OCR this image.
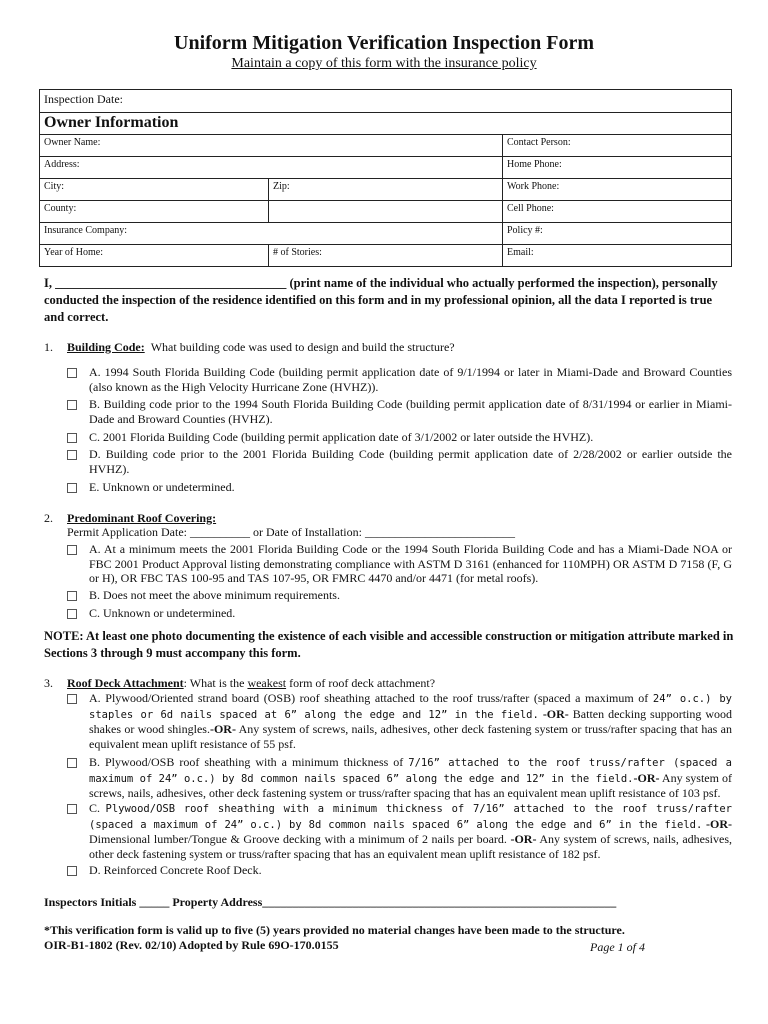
Uniform Mitigation Verification Inspection Form
Maintain a copy of this form with the insurance policy
Inspection Date:		
Owner Information		
Owner Name:		Contact Person:
Address:		Home Phone:
City:	Zip:	Work Phone:
County:		Cell Phone:
Insurance Company:		Policy #:
Year of Home:	# of Stories:	Email:
I, _____________________________________ (print name of the individual who actually performed the inspection), personally conducted the inspection of the residence identified on this form and in my professional opinion, all the data I reported is true and correct.
1. Building Code: What building code was used to design and build the structure?
A. 1994 South Florida Building Code (building permit application date of 9/1/1994 or later in Miami-Dade and Broward Counties (also known as the High Velocity Hurricane Zone (HVHZ)).
B. Building code prior to the 1994 South Florida Building Code (building permit application date of 8/31/1994 or earlier in Miami-Dade and Broward Counties (HVHZ).
C. 2001 Florida Building Code (building permit application date of 3/1/2002 or later outside the HVHZ).
D. Building code prior to the 2001 Florida Building Code (building permit application date of 2/28/2002 or earlier outside the HVHZ).
E. Unknown or undetermined.
2. Predominant Roof Covering:
Permit Application Date: __________ or Date of Installation: _________________________
A. At a minimum meets the 2001 Florida Building Code or the 1994 South Florida Building Code and has a Miami-Dade NOA or FBC 2001 Product Approval listing demonstrating compliance with ASTM D 3161 (enhanced for 110MPH) OR ASTM D 7158 (F, G or H), OR FBC TAS 100-95 and TAS 107-95, OR FMRC 4470 and/or 4471 (for metal roofs).
B. Does not meet the above minimum requirements.
C. Unknown or undetermined.
NOTE: At least one photo documenting the existence of each visible and accessible construction or mitigation attribute marked in Sections 3 through 9 must accompany this form.
3. Roof Deck Attachment: What is the weakest form of roof deck attachment?
A. Plywood/Oriented strand board (OSB) roof sheathing attached to the roof truss/rafter (spaced a maximum of 24” o.c.) by staples or 6d nails spaced at 6” along the edge and 12” in the field. -OR- Batten decking supporting wood shakes or wood shingles.-OR- Any system of screws, nails, adhesives, other deck fastening system or truss/rafter spacing that has an equivalent mean uplift resistance of 55 psf.
B. Plywood/OSB roof sheathing with a minimum thickness of 7/16” attached to the roof truss/rafter (spaced a maximum of 24” o.c.) by 8d common nails spaced 6” along the edge and 12” in the field.-OR- Any system of screws, nails, adhesives, other deck fastening system or truss/rafter spacing that has an equivalent mean uplift resistance of 103 psf.
C. Plywood/OSB roof sheathing with a minimum thickness of 7/16” attached to the roof truss/rafter (spaced a maximum of 24” o.c.) by 8d common nails spaced 6” along the edge and 6” in the field. -OR- Dimensional lumber/Tongue & Groove decking with a minimum of 2 nails per board. -OR- Any system of screws, nails, adhesives, other deck fastening system or truss/rafter spacing that has an equivalent mean uplift resistance of 182 psf.
D. Reinforced Concrete Roof Deck.
Inspectors Initials _____ Property Address___________________________________________________________
*This verification form is valid up to five (5) years provided no material changes have been made to the structure.
OIR-B1-1802 (Rev. 02/10) Adopted by Rule 69O-170.0155	Page 1 of 4
